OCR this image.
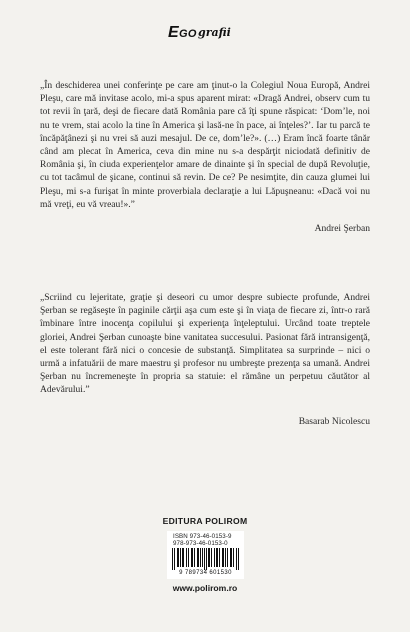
EGO grafii
„În deschiderea unei conferinţe pe care am ţinut-o la Colegiul Noua Europă, Andrei Pleşu, care mă invitase acolo, mi-a spus aparent mirat: «Dragă Andrei, observ cum tu tot revii în ţară, deşi de fiecare dată România pare că îţi spune răspicat: ‘Dom’le, noi nu te vrem, stai acolo la tine în America şi lasă-ne în pace, ai înţeles?’. Iar tu parcă te încăpăţânezi şi nu vrei să auzi mesajul. De ce, dom’le?». (…) Eram încă foarte tânăr când am plecat în America, ceva din mine nu s-a despărţit niciodată definitiv de România şi, în ciuda experienţelor amare de dinainte şi în special de după Revoluţie, cu tot tacâmul de şicane, continui să revin. De ce? Pe nesimţite, din cauza glumei lui Pleşu, mi s-a furişat în minte proverbiala declaraţie a lui Lăpuşneanu: «Dacă voi nu mă vreţi, eu vă vreau!».”
Andrei Şerban
„Scriind cu lejeritate, graţie şi deseori cu umor despre subiecte profunde, Andrei Şerban se regăseşte în paginile cărţii aşa cum este şi în viaţa de fiecare zi, într-o rară îmbinare între inocenţa copilului şi experienţa înţeleptului. Urcând toate treptele gloriei, Andrei Şerban cunoaşte bine vanitatea succesului. Pasionat fără intransigenţă, el este tolerant fără nici o concesie de substanţă. Simplitatea sa surprinde – nici o urmă a infatuării de mare maestru şi profesor nu umbreşte prezenţa sa umană. Andrei Şerban nu încremeneşte în propria sa statuie: el rămâne un perpetuu căutător al Adevărului.”
Basarab Nicolescu
EDITURA POLIROM
ISBN 973-46-0153-9
978-973-46-0153-0
9 789734 601530
www.polirom.ro
